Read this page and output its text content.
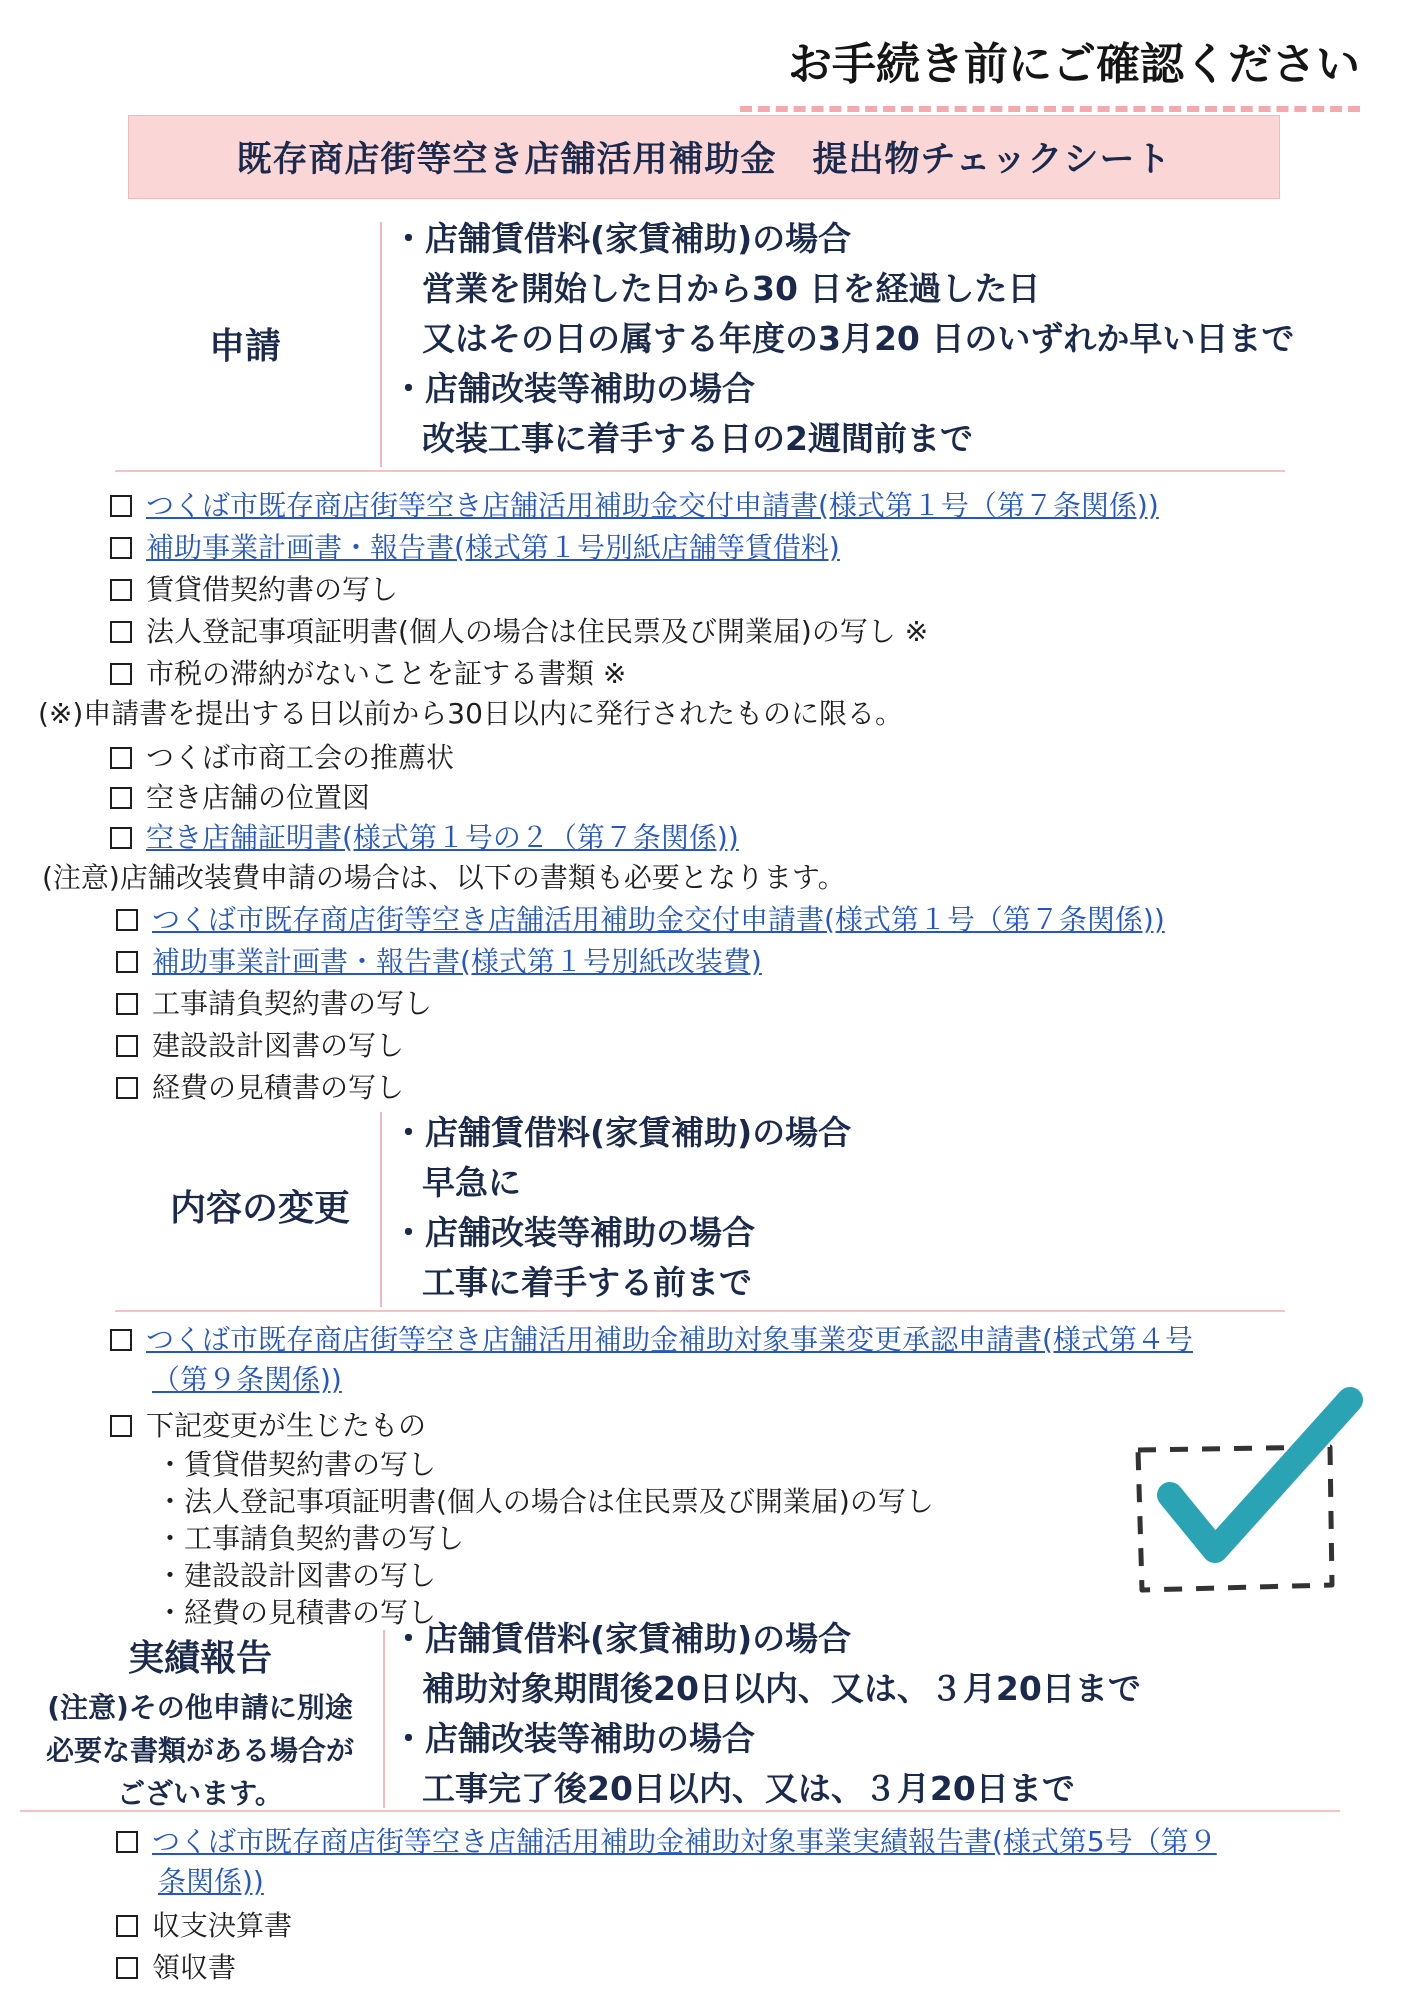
お手続き前にご確認ください
既存商店街等空き店舗活用補助金　提出物チェックシート
申請
・店舗賃借料(家賃補助)の場合
営業を開始した日から30 日を経過した日
又はその日の属する年度の3月20 日のいずれか早い日まで
・店舗改装等補助の場合
改装工事に着手する日の2週間前まで
つくば市既存商店街等空き店舗活用補助金交付申請書(様式第１号（第７条関係))
補助事業計画書・報告書(様式第１号別紙店舗等賃借料)
賃貸借契約書の写し
法人登記事項証明書(個人の場合は住民票及び開業届)の写し ※
市税の滞納がないことを証する書類 ※
(※)申請書を提出する日以前から30日以内に発行されたものに限る。
つくば市商工会の推薦状
空き店舗の位置図
空き店舗証明書(様式第１号の２（第７条関係))
(注意)店舗改装費申請の場合は、以下の書類も必要となります。
つくば市既存商店街等空き店舗活用補助金交付申請書(様式第１号（第７条関係))
補助事業計画書・報告書(様式第１号別紙改装費)
工事請負契約書の写し
建設設計図書の写し
経費の見積書の写し
内容の変更
・店舗賃借料(家賃補助)の場合
早急に
・店舗改装等補助の場合
工事に着手する前まで
つくば市既存商店街等空き店舗活用補助金補助対象事業変更承認申請書(様式第４号
（第９条関係))
下記変更が生じたもの
・賃貸借契約書の写し
・法人登記事項証明書(個人の場合は住民票及び開業届)の写し
・工事請負契約書の写し
・建設設計図書の写し
・経費の見積書の写し
実績報告
(注意)その他申請に別途
必要な書類がある場合が
ございます。
・店舗賃借料(家賃補助)の場合
補助対象期間後20日以内、又は、３月20日まで
・店舗改装等補助の場合
工事完了後20日以内、又は、３月20日まで
つくば市既存商店街等空き店舗活用補助金補助対象事業実績報告書(様式第5号（第９
条関係))
収支決算書
領収書
